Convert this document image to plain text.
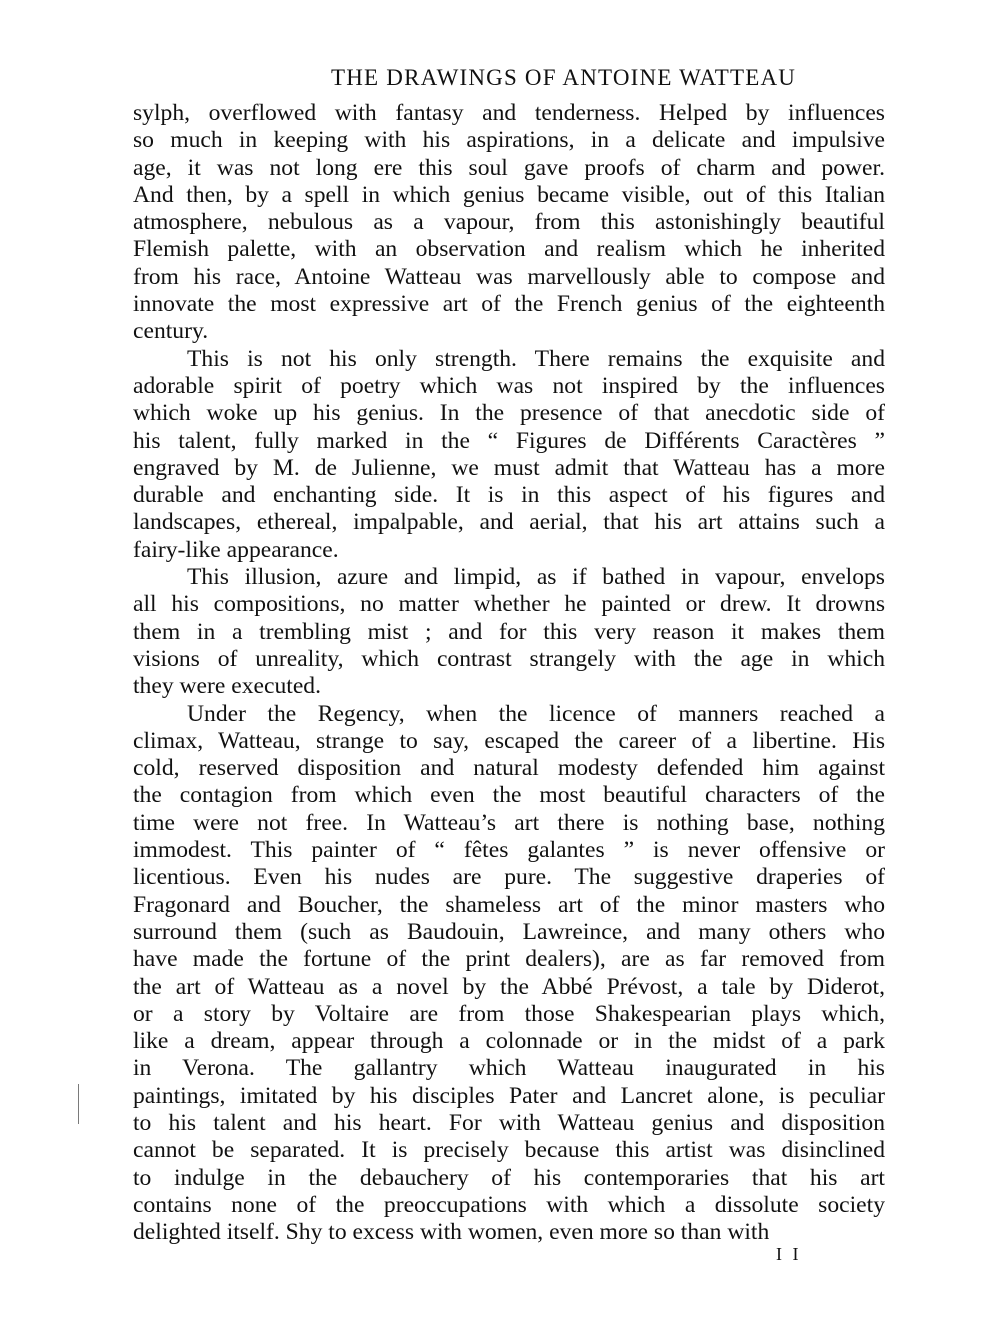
THE DRAWINGS OF ANTOINE WATTEAU
sylph, overflowed with fantasy and tenderness. Helped by influences
so much in keeping with his aspirations, in a delicate and impulsive
age, it was not long ere this soul gave proofs of charm and power.
And then, by a spell in which genius became visible, out of this Italian
atmosphere, nebulous as a vapour, from this astonishingly beautiful
Flemish palette, with an observation and realism which he inherited
from his race, Antoine Watteau was marvellously able to compose and
innovate the most expressive art of the French genius of the eighteenth
century.
This is not his only strength. There remains the exquisite and
adorable spirit of poetry which was not inspired by the influences
which woke up his genius. In the presence of that anecdotic side of
his talent, fully marked in the “ Figures de Différents Caractères ”
engraved by M. de Julienne, we must admit that Watteau has a more
durable and enchanting side. It is in this aspect of his figures and
landscapes, ethereal, impalpable, and aerial, that his art attains such a
fairy-like appearance.
This illusion, azure and limpid, as if bathed in vapour, envelops
all his compositions, no matter whether he painted or drew. It drowns
them in a trembling mist ; and for this very reason it makes them
visions of unreality, which contrast strangely with the age in which
they were executed.
Under the Regency, when the licence of manners reached a
climax, Watteau, strange to say, escaped the career of a libertine. His
cold, reserved disposition and natural modesty defended him against
the contagion from which even the most beautiful characters of the
time were not free. In Watteau’s art there is nothing base, nothing
immodest. This painter of “ fêtes galantes ” is never offensive or
licentious. Even his nudes are pure. The suggestive draperies of
Fragonard and Boucher, the shameless art of the minor masters who
surround them (such as Baudouin, Lawreince, and many others who
have made the fortune of the print dealers), are as far removed from
the art of Watteau as a novel by the Abbé Prévost, a tale by Diderot,
or a story by Voltaire are from those Shakespearian plays which,
like a dream, appear through a colonnade or in the midst of a park
in Verona. The gallantry which Watteau inaugurated in his
paintings, imitated by his disciples Pater and Lancret alone, is peculiar
to his talent and his heart. For with Watteau genius and disposition
cannot be separated. It is precisely because this artist was disinclined
to indulge in the debauchery of his contemporaries that his art
contains none of the preoccupations with which a dissolute society
delighted itself. Shy to excess with women, even more so than with
I I
